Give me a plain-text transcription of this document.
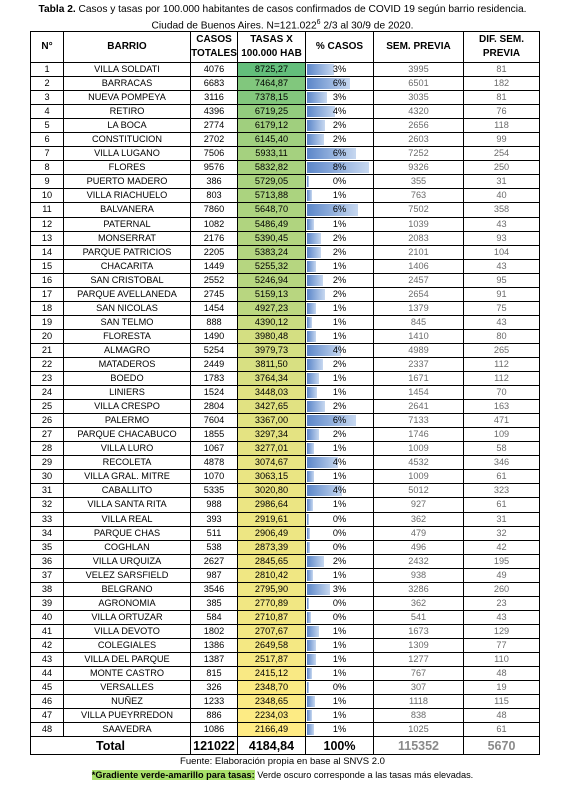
Tabla 2. Casos y tasas por 100.000 habitantes de casos confirmados de COVID 19 según barrio residencia.
Ciudad de Buenos Aires. $N=121.022^6$ 2/3 al 30/9 de 2020.
N°	BARRIO	CASOS TOTALES	TASAS X 100.000 HAB	% CASOS	SEM. PREVIA	DIF. SEM. PREVIA
1	VILLA SOLDATI	4076	8725,27	3%	3995	81
2	BARRACAS	6683	7464,87	6%	6501	182
3	NUEVA POMPEYA	3116	7378,15	3%	3035	81
4	RETIRO	4396	6719,25	4%	4320	76
5	LA BOCA	2774	6179,12	2%	2656	118
6	CONSTITUCION	2702	6145,40	2%	2603	99
7	VILLA LUGANO	7506	5933,11	6%	7252	254
8	FLORES	9576	5832,82	8%	9326	250
9	PUERTO MADERO	386	5729,05	0%	355	31
10	VILLA RIACHUELO	803	5713,88	1%	763	40
11	BALVANERA	7860	5648,70	6%	7502	358
12	PATERNAL	1082	5486,49	1%	1039	43
13	MONSERRAT	2176	5390,45	2%	2083	93
14	PARQUE PATRICIOS	2205	5383,24	2%	2101	104
15	CHACARITA	1449	5255,32	1%	1406	43
16	SAN CRISTOBAL	2552	5246,94	2%	2457	95
17	PARQUE AVELLANEDA	2745	5159,13	2%	2654	91
18	SAN NICOLAS	1454	4927,23	1%	1379	75
19	SAN TELMO	888	4390,12	1%	845	43
20	FLORESTA	1490	3980,48	1%	1410	80
21	ALMAGRO	5254	3979,73	4%	4989	265
22	MATADEROS	2449	3811,50	2%	2337	112
23	BOEDO	1783	3764,34	1%	1671	112
24	LINIERS	1524	3448,03	1%	1454	70
25	VILLA CRESPO	2804	3427,65	2%	2641	163
26	PALERMO	7604	3367,00	6%	7133	471
27	PARQUE CHACABUCO	1855	3297,34	2%	1746	109
28	VILLA LURO	1067	3277,01	1%	1009	58
29	RECOLETA	4878	3074,67	4%	4532	346
30	VILLA GRAL. MITRE	1070	3063,15	1%	1009	61
31	CABALLITO	5335	3020,80	4%	5012	323
32	VILLA SANTA RITA	988	2986,64	1%	927	61
33	VILLA REAL	393	2919,61	0%	362	31
34	PARQUE CHAS	511	2906,49	0%	479	32
35	COGHLAN	538	2873,39	0%	496	42
36	VILLA URQUIZA	2627	2845,65	2%	2432	195
37	VELEZ SARSFIELD	987	2810,42	1%	938	49
38	BELGRANO	3546	2795,90	3%	3286	260
39	AGRONOMIA	385	2770,89	0%	362	23
40	VILLA ORTUZAR	584	2710,87	0%	541	43
41	VILLA DEVOTO	1802	2707,67	1%	1673	129
42	COLEGIALES	1386	2649,58	1%	1309	77
43	VILLA DEL PARQUE	1387	2517,87	1%	1277	110
44	MONTE CASTRO	815	2415,12	1%	767	48
45	VERSALLES	326	2348,70	0%	307	19
46	NUÑEZ	1233	2348,65	1%	1118	115
47	VILLA PUEYRREDON	886	2234,03	1%	838	48
48	SAAVEDRA	1086	2166,49	1%	1025	61
Total		121022	4184,84	100%	115352	5670
Fuente: Elaboración propia en base al SNVS 2.0
*Gradiente verde-amarillo para tasas: Verde oscuro corresponde a las tasas más elevadas.
